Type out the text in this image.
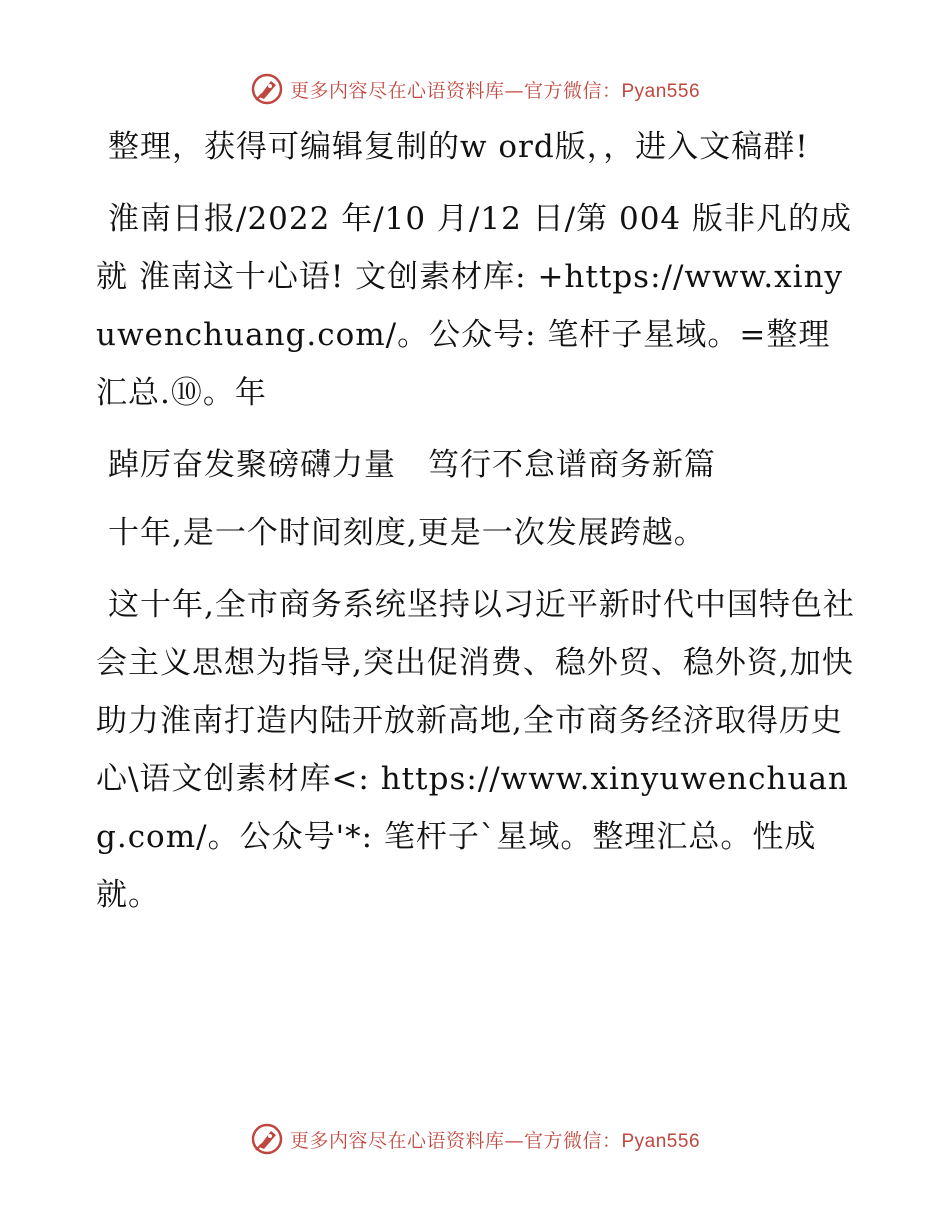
更多内容尽在心语资料库—官方微信：Pyan556

整理，获得可编辑复制的w ord版，，进入文稿群!

淮南日报/2022 年/10 月/12 日/第 004 版非凡的成就 淮南这十心语! 文创素材库: +https://www.xinyuwenchuang.com/。公众号: 笔杆子星域。=整理汇总.⑩。年

踔厉奋发聚磅礴力量　笃行不怠谱商务新篇

十年,是一个时间刻度,更是一次发展跨越。

这十年,全市商务系统坚持以习近平新时代中国特色社会主义思想为指导,突出促消费、稳外贸、稳外资,加快助力淮南打造内陆开放新高地,全市商务经济取得历史心\语文创素材库<: https://www.xinyuwenchuang.com/。公众号'*: 笔杆子`星域。整理汇总。性成就。

更多内容尽在心语资料库—官方微信：Pyan556
